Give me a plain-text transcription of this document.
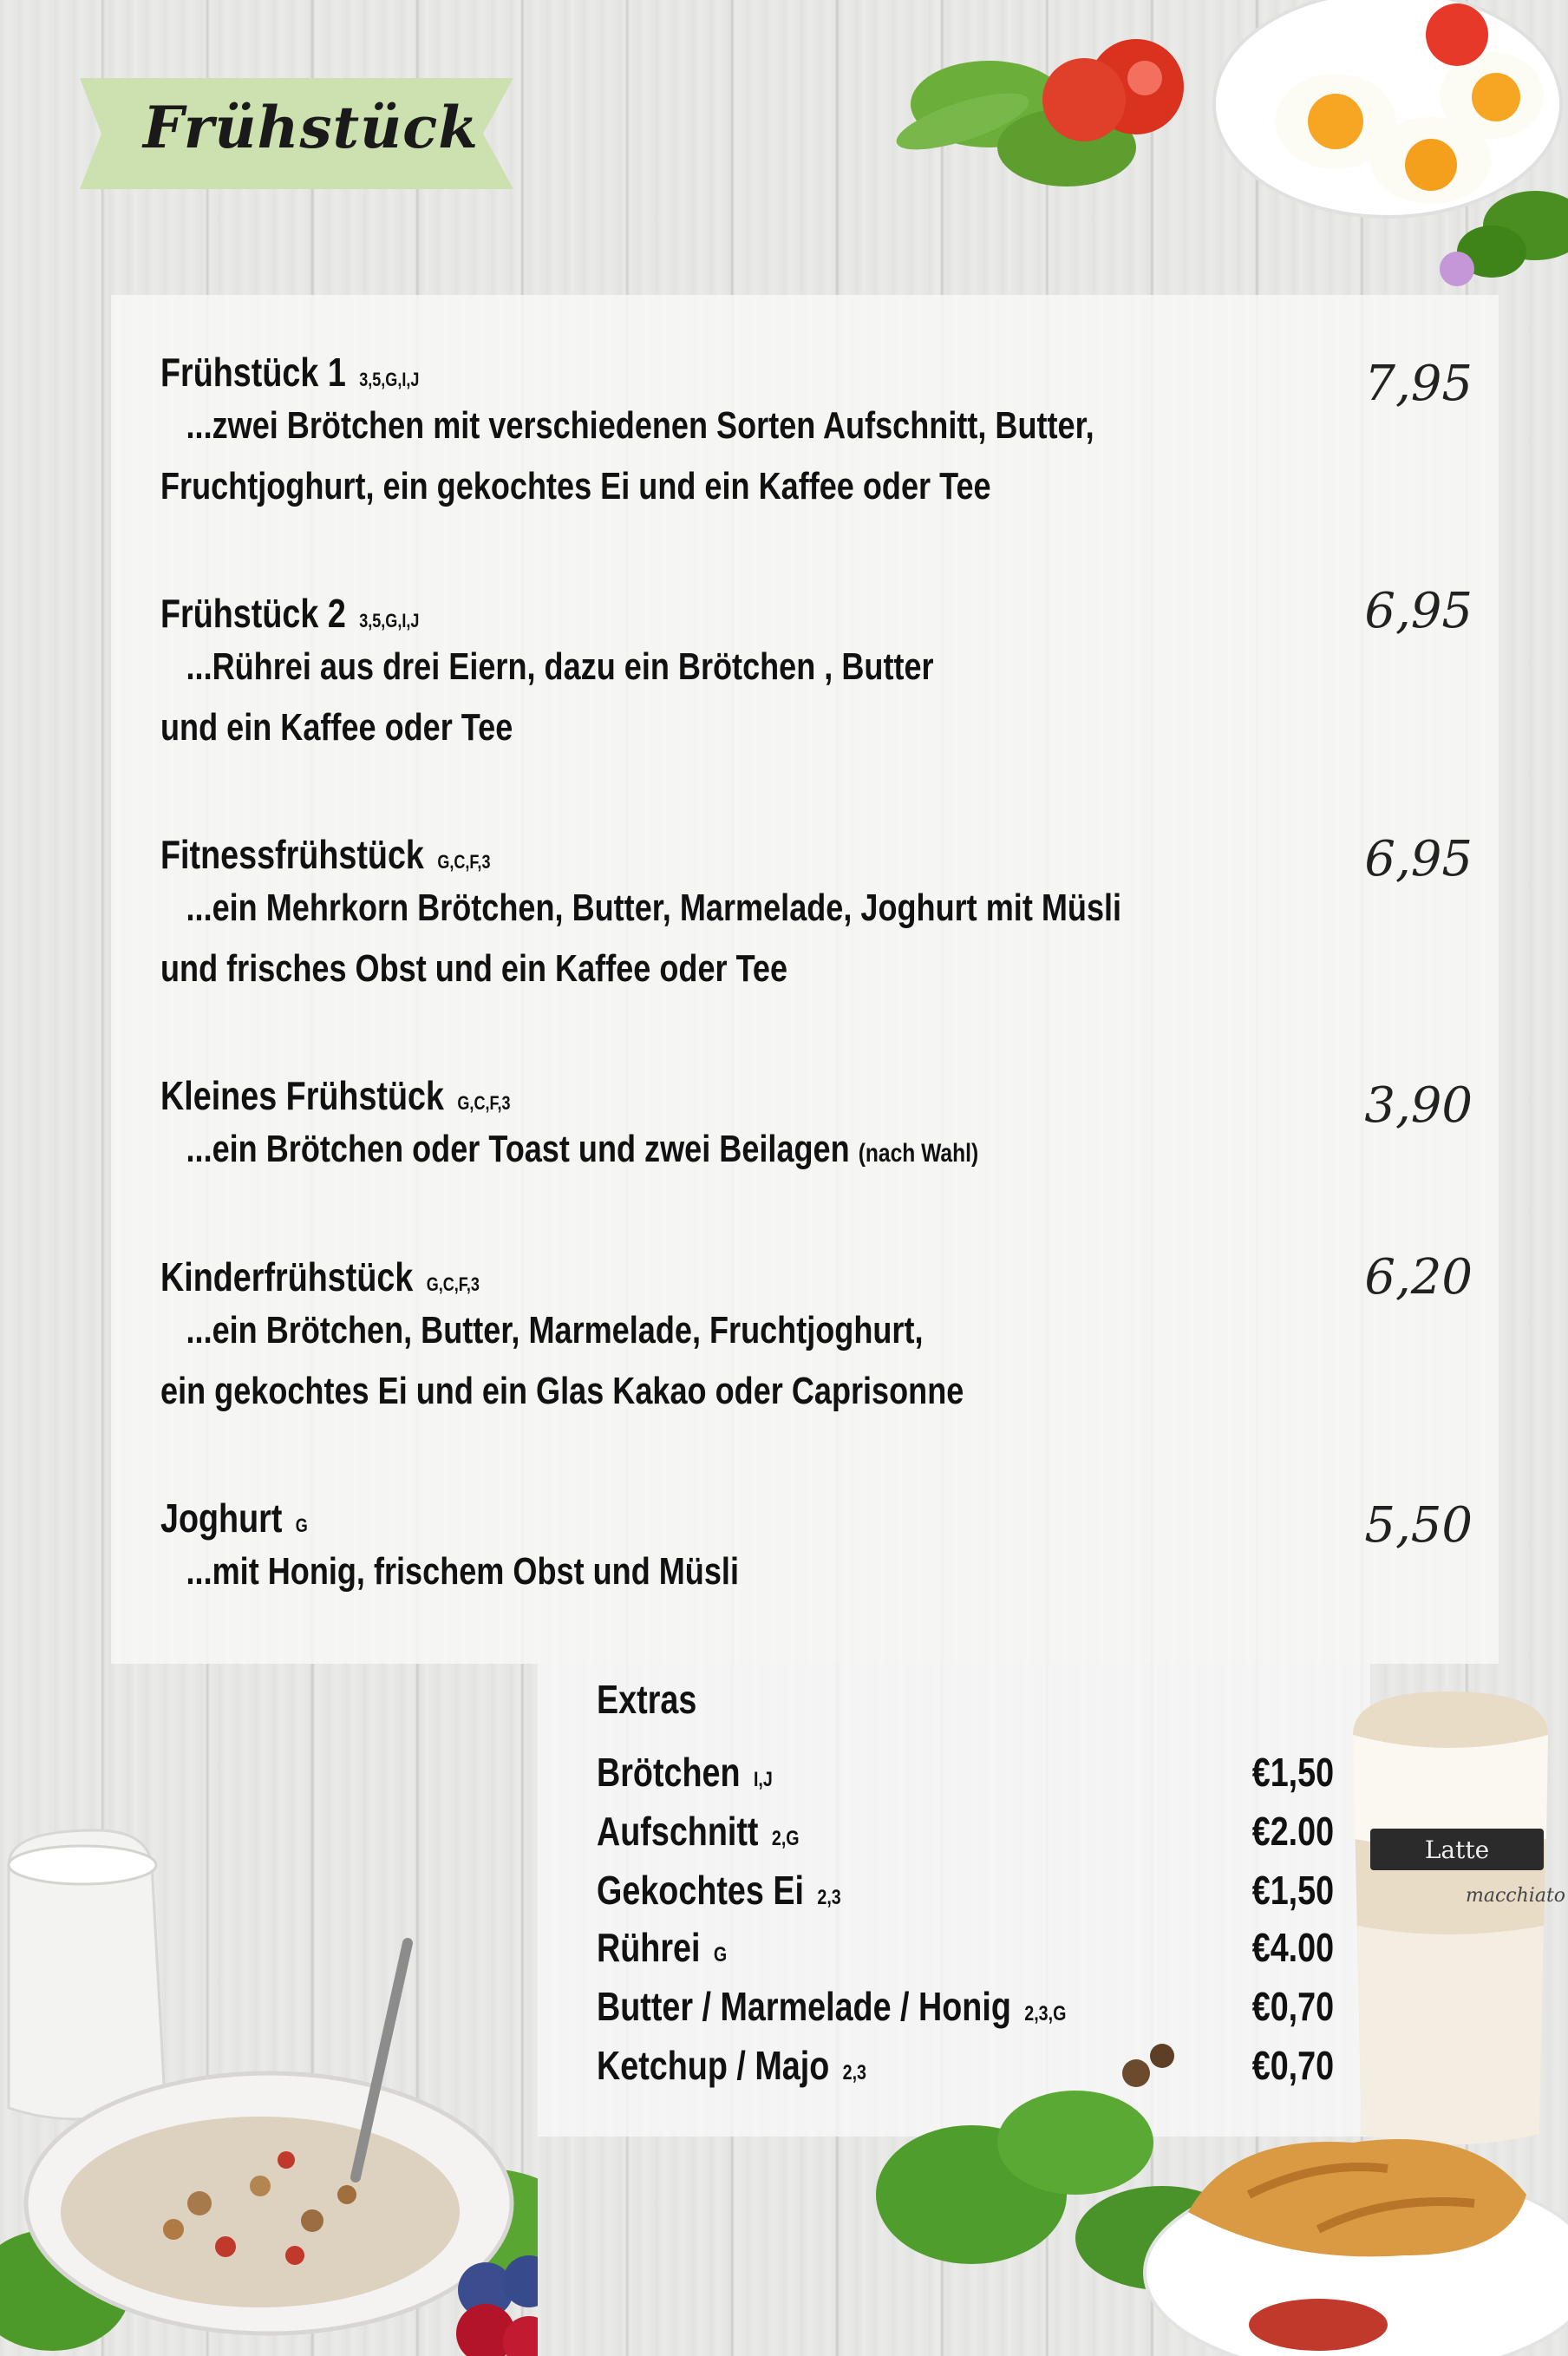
Frühstück
Frühstück 1 3,5,G,I,J
...zwei Brötchen mit verschiedenen Sorten Aufschnitt, Butter,
Fruchtjoghurt, ein gekochtes Ei und ein Kaffee oder Tee
7,95
Frühstück 2 3,5,G,I,J
...Rührei aus drei Eiern, dazu ein Brötchen , Butter
und ein Kaffee oder Tee
6,95
Fitnessfrühstück G,C,F,3
...ein Mehrkorn Brötchen, Butter, Marmelade, Joghurt mit Müsli
und frisches Obst und ein Kaffee oder Tee
6,95
Kleines Frühstück G,C,F,3
...ein Brötchen oder Toast und zwei Beilagen (nach Wahl)
3,90
Kinderfrühstück G,C,F,3
...ein Brötchen, Butter, Marmelade, Fruchtjoghurt,
ein gekochtes Ei und ein Glas Kakao oder Caprisonne
6,20
Joghurt G
...mit Honig, frischem Obst und Müsli
5,50
Extras
Brötchen I,J	€1,50
Aufschnitt 2,G	€2.00
Gekochtes Ei 2,3	€1,50
Rührei G	€4.00
Butter / Marmelade / Honig 2,3,G	€0,70
Ketchup / Majo 2,3	€0,70
Latte
macchiato
